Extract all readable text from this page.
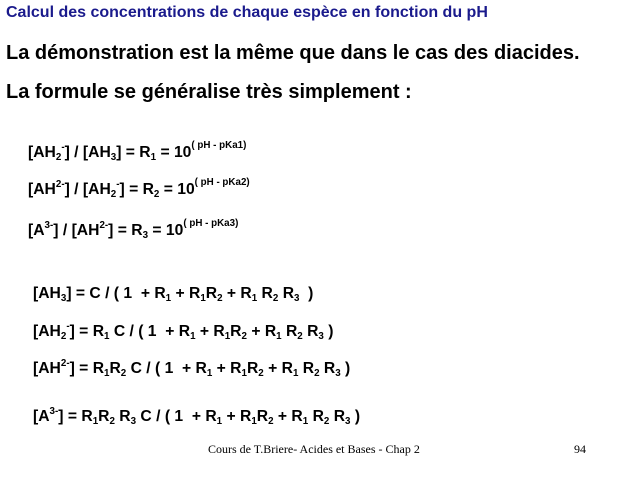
Calcul des concentrations de chaque espèce en fonction du pH
La démonstration est la même que dans le cas des diacides.
La formule se généralise très simplement :
$[AH_2^-] / [AH_3] = R_1 = 10^{( pH - pKa1)}$
$[AH^{2-}] / [AH_2^-] = R_2 = 10^{( pH - pKa2)}$
$[A^{3-}] / [AH^{2-}] = R_3 = 10^{( pH - pKa3)}$
$[AH_3] = C$ / ( $1 + R_1 + R_1R_2 + R_1$ $R_2$ $R_3$  )
$[AH_2^-] = R_1$ C / ( $1 + R_1 + R_1R_2 + R_1$ $R_2$ $R_3$ )
$[AH^{2-}] = R_1R_2$ C / ( $1 + R_1 + R_1R_2 + R_1$ $R_2$ $R_3$ )
$[A^{3-}] = R_1R_2$ $R_3$ C / ( $1 + R_1 + R_1R_2 + R_1$ $R_2$ $R_3$ )
Cours de T.Briere- Acides et Bases - Chap 2	94
